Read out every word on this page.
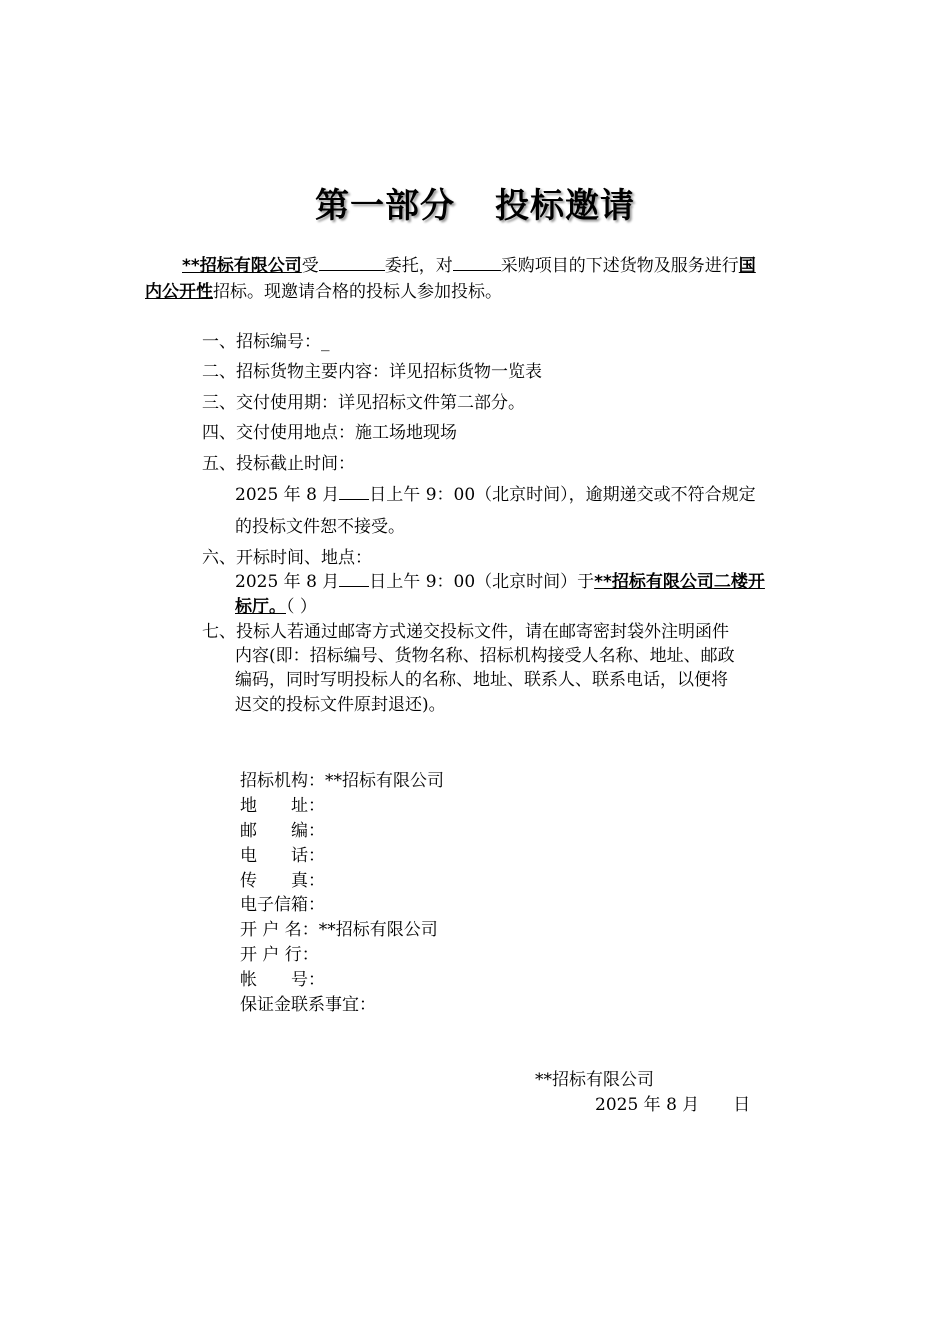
第一部分 投标邀请
**招标有限公司受	委托，对	采购项目的下述货物及服务进行国
内公开性招标。现邀请合格的投标人参加投标。
一、招标编号：_
二、招标货物主要内容：详见招标货物一览表
三、交付使用期：详见招标文件第二部分。
四、交付使用地点：施工场地现场
五、投标截止时间：
2025 年 8 月 日上午 9：00（北京时间），逾期递交或不符合规定
的投标文件恕不接受。
六、开标时间、地点：
2025 年 8 月 日上午 9：00（北京时间）于**招标有限公司二楼开
标厅。（ ）
七、投标人若通过邮寄方式递交投标文件，请在邮寄密封袋外注明函件
内容(即：招标编号、货物名称、招标机构接受人名称、地址、邮政
编码，同时写明投标人的名称、地址、联系人、联系电话，以便将
迟交的投标文件原封退还)。
招标机构：**招标有限公司
地　　址：
邮　　编：
电　　话：
传　　真：
电子信箱：
开 户 名：**招标有限公司
开 户 行：
帐　　号：
保证金联系事宜：
**招标有限公司
2025 年 8 月　　日
